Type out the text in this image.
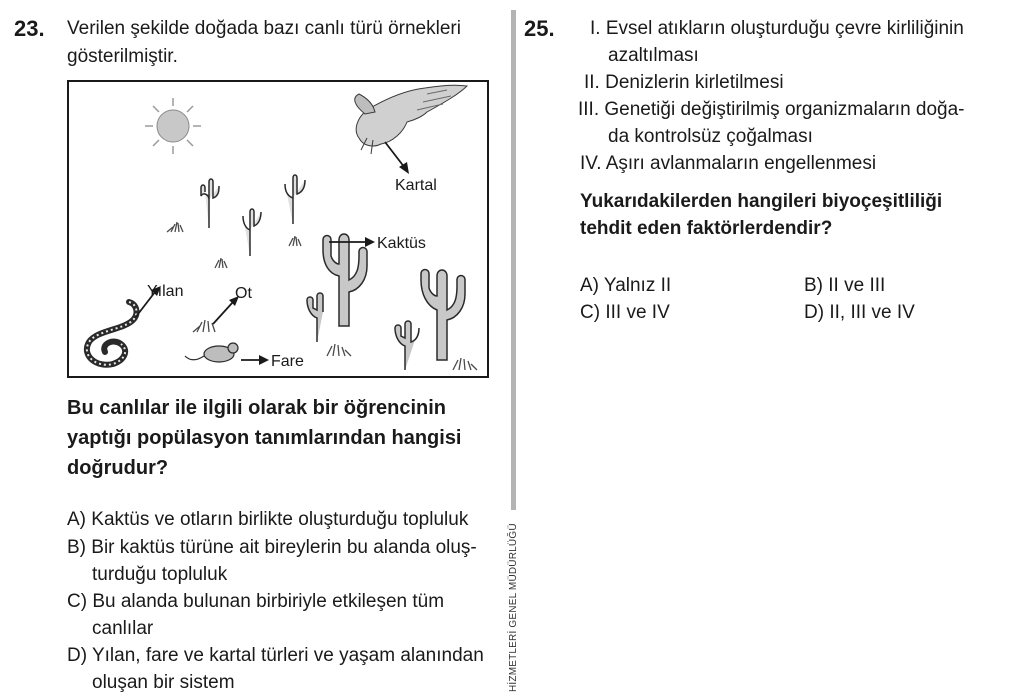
23. Verilen şekilde doğada bazı canlı türü örnekleri
gösterilmiştir.
Kartal
Kaktüs
Ot
Yılan
Fare
Bu canlılar ile ilgili olarak bir öğrencinin
yaptığı popülasyon tanımlarından hangisi
doğrudur?
A) Kaktüs ve otların birlikte oluşturduğu topluluk
B) Bir kaktüs türüne ait bireylerin bu alanda oluş-
turduğu topluluk
C) Bu alanda bulunan birbiriyle etkileşen tüm
canlılar
D) Yılan, fare ve kartal türleri ve yaşam alanından
oluşan bir sistem	HİZMETLERİ GENEL MÜDÜRLÜĞÜ
25. I. Evsel atıkların oluşturduğu çevre kirliliğinin
azaltılması
II. Denizlerin kirletilmesi
III. Genetiği değiştirilmiş organizmaların doğa-
da kontrolsüz çoğalması
IV. Aşırı avlanmaların engellenmesi
Yukarıdakilerden hangileri biyoçeşitliliği
tehdit eden faktörlerdendir?
A) Yalnız II	B) II ve III
C) III ve IV	D) II, III ve IV
